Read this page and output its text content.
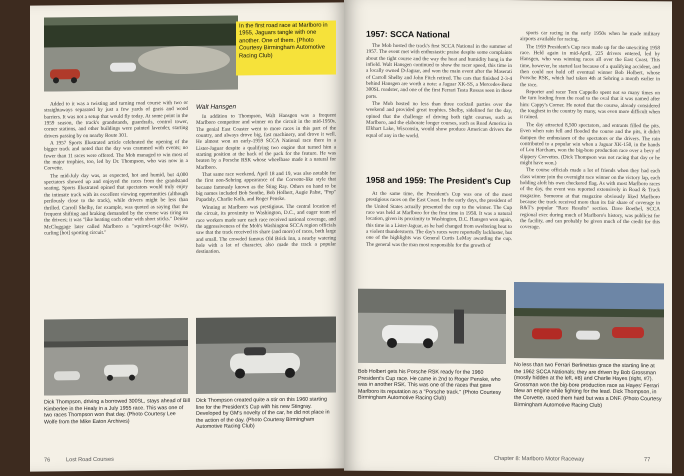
In the first road race at Marlboro in 1955, Jaguars tangle with one another. One of them. (Photo Courtesy Birmingham Automotive Racing Club)

Added to it was a twisting and turning road course with two or straightaways separated by just a few yards of grass and wood barriers. It was not a setup that would fly today. At some point in the 1959 season, the track's grandstands, guardrails, control tower, corner stations, and other buildings were painted lavender, starting drivers passing by on nearby Route 301.

A 1957 Sports Illustrated article celebrated the opening of the bigger track and noted that the day was crammed with events; no fewer than 11 races were offered. The Mob managed to win most of the major trophies, too, led by Dr. Thompson, who was now in a Corvette.

The mid-July day was, as expected, hot and humid, but 4,000 spectators showed up and enjoyed the races from the grandstand seating. Sports Illustrated opined that spectators would truly enjoy the intimate track with its excellent viewing opportunities (although perilously close to the track), while drivers might be less than thrilled. Carroll Shelby, for example, was quoted as saying that the frequent shifting and braking demanded by the course was tiring on the drivers; it was "like beating each other with short sticks." Denise McCluggage later called Marlboro a "squirrel-cage-like twisty, curling [hot] sporting circuit."

Walt Hansgen

In addition to Thompson, Walt Hansgen was a frequent Marlboro competitor and winner on the circuit in the mid-1950s. The genial East Coaster went to more races in this part of the country, and always drove big, fast machinery, and drove it well. He almost won an early-1959 SCCA National race there in a Lister-Jaguar despite a qualifying two engine that turned him a starting position at the back of the pack for the feature. He was beaten by a Porsche RSK whose wheelbase made it a natural for Marlboro.

That same race weekend, April 18 and 19, was also notable for the first non-Sebring appearance of the Corvette-like style that became famously known as the Sting Ray. Others on hand to be big names included Bob Sonthe, Bob Holbert, Augie Pabst, "Pop" Papadaly, Charlie Kolb, and Roger Penske.

Winning at Marlboro was prestigious. The central location of the circuit, its proximity to Washington, D.C., and eager team of race workers made sure each race received national coverage, and the aggressiveness of the Mob's Washington SCCA region officials saw that the track received its share (and more) of races, both large and small. The crowded famous Old Brick Inn, a nearby watering hole with a lot of character, also made the track a popular destination.

Dick Thompson, driving a borrowed 300SL, stays ahead of Bill Kimberlee in the Healy in a July 1955 race. This was one of two races Thompson won that day. (Photo Courtesy Lee Wolfe from the Mike Eaton Archives)

Dick Thompson created quite a stir on this 1960 starting line for the President's Cup with his new Stingray. Developed by GM's novelty of the car, he did not place in the action of the day. (Photo Courtesy Birmingham Automotive Racing Club)

76	Lost Road Courses
1957: SCCA National

The Mob hosted the track's first SCCA National in the summer of 1957. The event met with enthusiastic praise despite some complaints about the tight course and the way the heat and humidity hung in the infield. Walt Hansgen continued to show the racer speed, this time in a locally owned D-Jaguar, and won the main event after the Maserati of Carroll Shelby and John Fitch retired. The cars that finished 2-3-4 behind Hansgen are worth a note: a Jaguar XK-SS, a Mercedes-Benz 300SL roadster, and one of the first Ferrari Testa Rossas seen in these parts.

The Mob hosted no less than three cocktail parties over the weekend and provided great trophies. Shelby, sidelined for the day, opined that the challenge of driving both tight courses, such as Marlboro, and the elaborate longer courses, such as Road America in Elkhart Lake, Wisconsin, would show produce American drivers the equal of any in the world.

1958 and 1959: The President's Cup

At the same time, the President's Cup was one of the most prestigious races on the East Coast. In the early days, the president of the United States actually presented the cup to the winner. The Cup race was held at Marlboro for the first time in 1958. It was a natural location, given its proximity to Washington, D.C. Hansgen won again, this time in a Lister-Jaguar, as he had changed from sweltering heat to a violent thunderstorm. The day's races were reportedly lackluster, but one of the highlights was General Curtis LeMay awarding the cup. The general was the man most responsible for the growth of

sports car racing in the early 1950s when he made military airports available for racing.

The 1959 President's Cup race made up for the unexciting 1958 race. Held again in mid-April, 225 drivers entered, led by Hansgen, who was winning races all over the East Coast. This time, however, he started last because of a qualifying accident, and then could not hold off eventual winner Bob Holbert, whose Porsche RSK, which had taken 4th at Sebring a month earlier in the race.

Reporter and racer Tom Cappello spent not so many times on the turn leading from the road to the oval that it was named after him: Cappy's Corner. He noted that the course, already considered the toughest in the country by many, was even more difficult when it rained.

The day attracted 8,500 spectators, and entrants filled the pits. Even when rain fell and flooded the course and the pits, it didn't dampen the enthusiasm of the spectators or the drivers. The rain contributed to a popular win when a Jaguar XK-150, in the hands of Lou Harcham, won the big-bore production race over a bevy of slippery Corvettes. (Dick Thompson was not racing that day or he might have won.)

The course officials made a lot of friends when they had each class winner join the overnight race winner on the victory lap, each holding aloft his own checkered flag. As with most Marlboro races of the day, the event was reported extensively in Road & Track magazine. Someone at that magazine obviously liked Marlboro because the track received more than its fair share of coverage in R&T's popular "Race Results" section. Dave Boethel, SCCA regional exec during much of Marlboro's history, was publicist for the facility, and can probably be given much of the credit for this coverage.

Bob Holbert gets his Porsche RSK ready for the 1960 President's Cup race. He came in 2nd to Roger Penske, who was in another RSK. This was one of the races that gave Marlboro its reputation as a "Porsche track." (Photo Courtesy Birmingham Automotive Racing Club)

No less than two Ferrari Berlinettas grace the starting line at the 1962 SCCA Nationals; they are driven by Bob Grossman (mostly hidden at the left, #8) and Charlie Hayes (right, #7). Grossman won the big-bore production race as Hayes' Ferrari blew an engine while fighting for the lead. Dick Thompson, in the Corvette, raced them hard but was a DNF. (Photo Courtesy Birmingham Automotive Racing Club)

Chapter 8: Marlboro Motor Raceway	77
